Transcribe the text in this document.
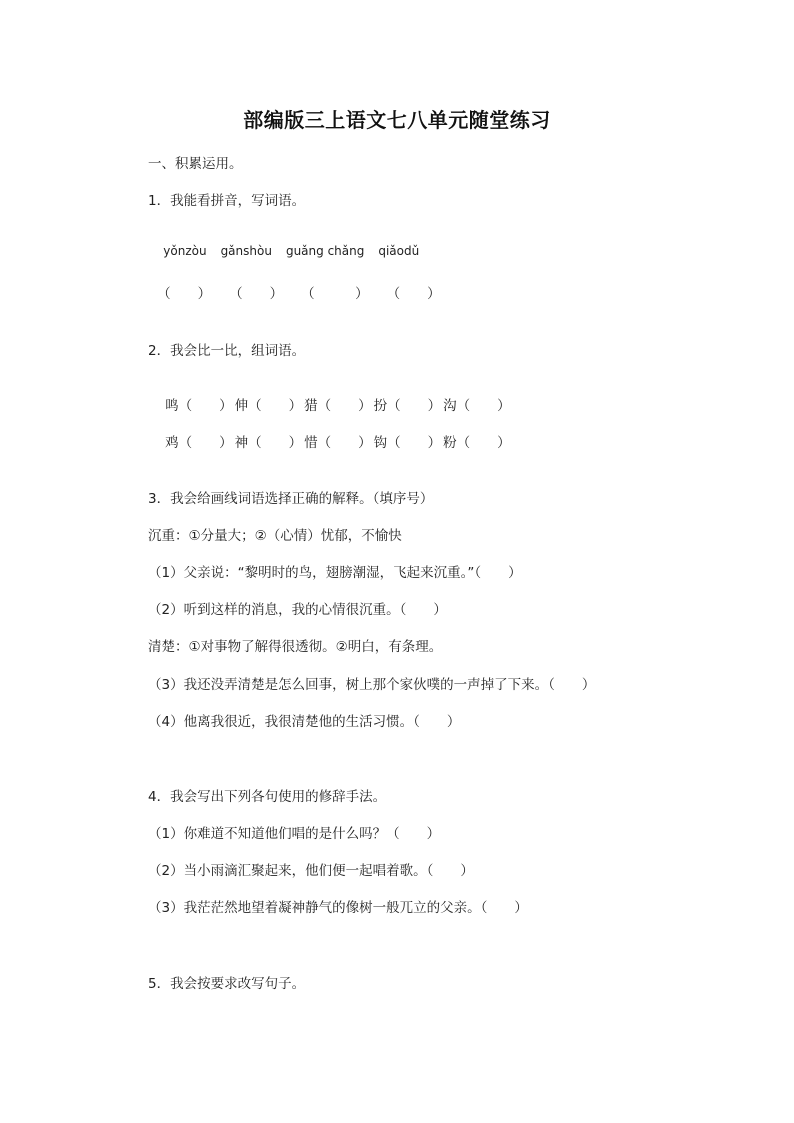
部编版三上语文七八单元随堂练习
一、积累运用。
1．我能看拼音，写词语。

yǒnzòu gǎnshòu guǎng chǎng qiǎodǔ

（　　） （　　） （　　　） （　　）

2．我会比一比，组词语。

鸣（　　） 伸（　　） 猎（　　） 扮（　　） 沟（　　）

鸡（　　） 神（　　） 惜（　　） 钩（　　） 粉（　　）

3．我会给画线词语选择正确的解释。（填序号）
沉重：①分量大；②（心情）忧郁，不愉快
（1）父亲说：“黎明时的鸟，翅膀潮湿，飞起来沉重。”（　　）
（2）听到这样的消息，我的心情很沉重。（　　）
清楚：①对事物了解得很透彻。②明白，有条理。
（3）我还没弄清楚是怎么回事，树上那个家伙噗的一声掉了下来。（　　）
（4）他离我很近，我很清楚他的生活习惯。（　　）
4．我会写出下列各句使用的修辞手法。
（1）你难道不知道他们唱的是什么吗？（　　）
（2）当小雨滴汇聚起来，他们便一起唱着歌。（　　）
（3）我茫茫然地望着凝神静气的像树一般兀立的父亲。（　　）
5．我会按要求改写句子。
